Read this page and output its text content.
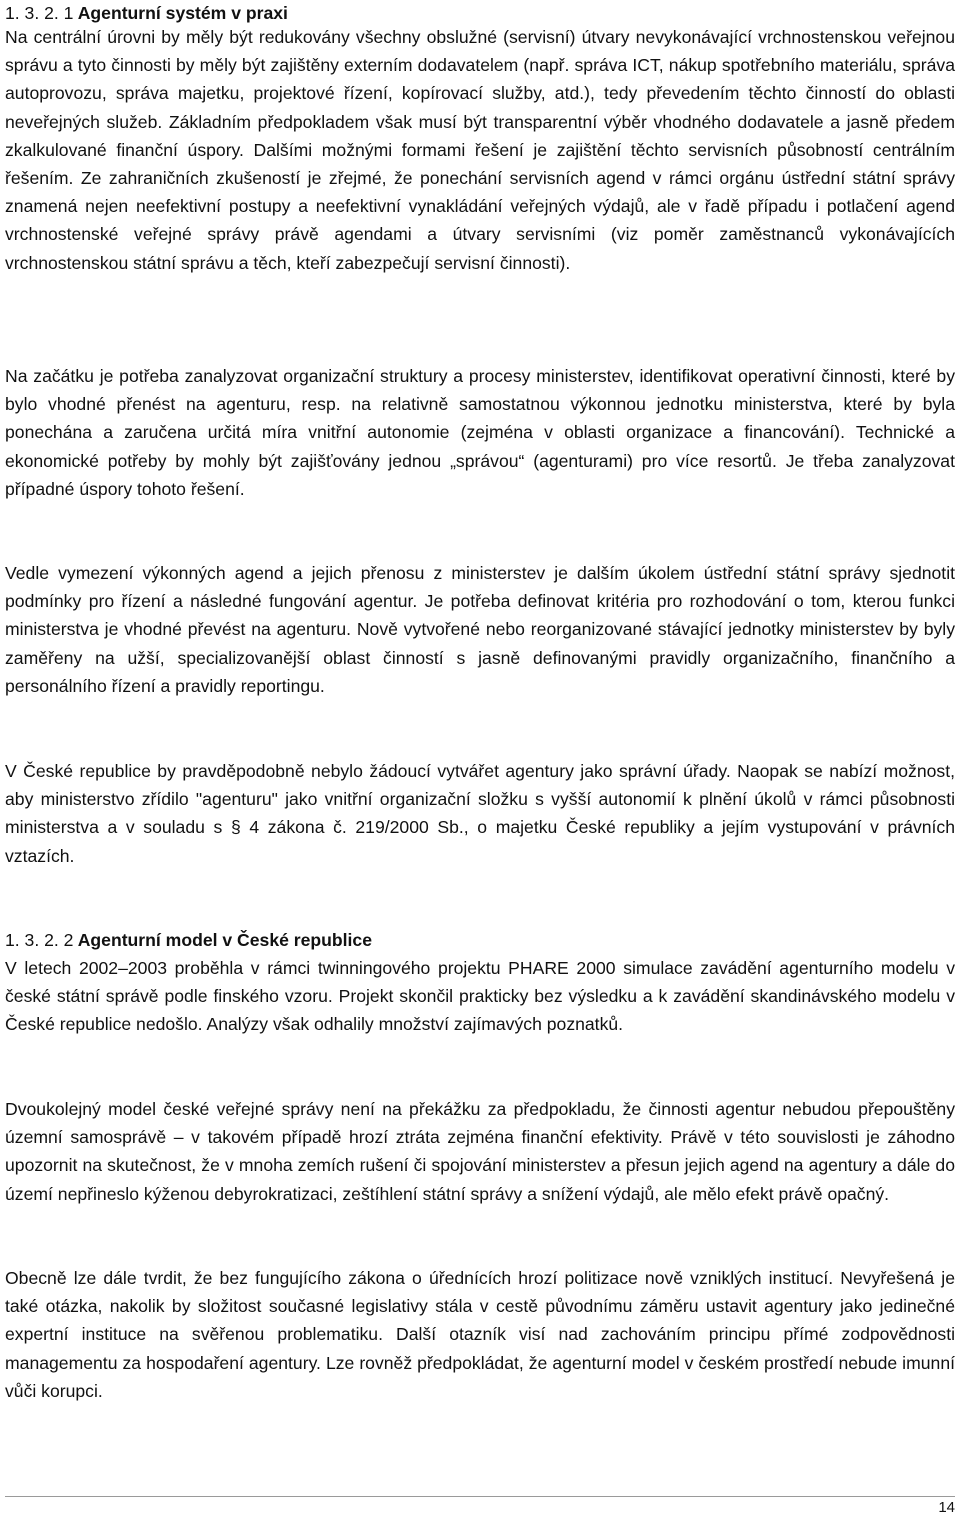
1. 3. 2. 1 Agenturní systém v praxi

Na centrální úrovni by měly být redukovány všechny obslužné (servisní) útvary nevykonávající vrchnostenskou veřejnou správu a tyto činnosti by měly být zajištěny externím dodavatelem (např. správa ICT, nákup spotřebního materiálu, správa autoprovozu, správa majetku, projektové řízení, kopírovací služby, atd.), tedy převedením těchto činností do oblasti neveřejných služeb. Základním předpokladem však musí být transparentní výběr vhodného dodavatele a jasně předem zkalkulované finanční úspory. Dalšími možnými formami řešení je zajištění těchto servisních působností centrálním řešením. Ze zahraničních zkušeností je zřejmé, že ponechání servisních agend v rámci orgánu ústřední státní správy znamená nejen neefektivní postupy a neefektivní vynakládání veřejných výdajů, ale v řadě případu i potlačení agend vrchnostenské veřejné správy právě agendami a útvary servisními (viz poměr zaměstnanců vykonávajících vrchnostenskou státní správu a těch, kteří zabezpečují servisní činnosti).

Na začátku je potřeba zanalyzovat organizační struktury a procesy ministerstev, identifikovat operativní činnosti, které by bylo vhodné přenést na agenturu, resp. na relativně samostatnou výkonnou jednotku ministerstva, které by byla ponechána a zaručena určitá míra vnitřní autonomie (zejména v oblasti organizace a financování). Technické a ekonomické potřeby by mohly být zajišťovány jednou „správou“ (agenturami) pro více resortů. Je třeba zanalyzovat případné úspory tohoto řešení.

Vedle vymezení výkonných agend a jejich přenosu z ministerstev je dalším úkolem ústřední státní správy sjednotit podmínky pro řízení a následné fungování agentur. Je potřeba definovat kritéria pro rozhodování o tom, kterou funkci ministerstva je vhodné převést na agenturu. Nově vytvořené nebo reorganizované stávající jednotky ministerstev by byly zaměřeny na užší, specializovanější oblast činností s jasně definovanými pravidly organizačního, finančního a personálního řízení a pravidly reportingu.

V České republice by pravděpodobně nebylo žádoucí vytvářet agentury jako správní úřady. Naopak se nabízí možnost, aby ministerstvo zřídilo "agenturu" jako vnitřní organizační složku s vyšší autonomií k plnění úkolů v rámci působnosti ministerstva a v souladu s § 4 zákona č. 219/2000 Sb., o majetku České republiky a jejím vystupování v právních vztazích.

1. 3. 2. 2 Agenturní model v České republice

V letech 2002–2003 proběhla v rámci twinningového projektu PHARE 2000 simulace zavádění agenturního modelu v české státní správě podle finského vzoru. Projekt skončil prakticky bez výsledku a k zavádění skandinávského modelu v České republice nedošlo. Analýzy však odhalily množství zajímavých poznatků.

Dvoukolejný model české veřejné správy není na překážku za předpokladu, že činnosti agentur nebudou přepouštěny územní samosprávě – v takovém případě hrozí ztráta zejména finanční efektivity. Právě v této souvislosti je záhodno upozornit na skutečnost, že v mnoha zemích rušení či spojování ministerstev a přesun jejich agend na agentury a dále do území nepřineslo kýženou debyrokratizaci, zeštíhlení státní správy a snížení výdajů, ale mělo efekt právě opačný.

Obecně lze dále tvrdit, že bez fungujícího zákona o úřednících hrozí politizace nově vzniklých institucí. Nevyřešená je také otázka, nakolik by složitost současné legislativy stála v cestě původnímu záměru ustavit agentury jako jedinečné expertní instituce na svěřenou problematiku. Další otazník visí nad zachováním principu přímé zodpovědnosti managementu za hospodaření agentury. Lze rovněž předpokládat, že agenturní model v českém prostředí nebude imunní vůči korupci.

14
